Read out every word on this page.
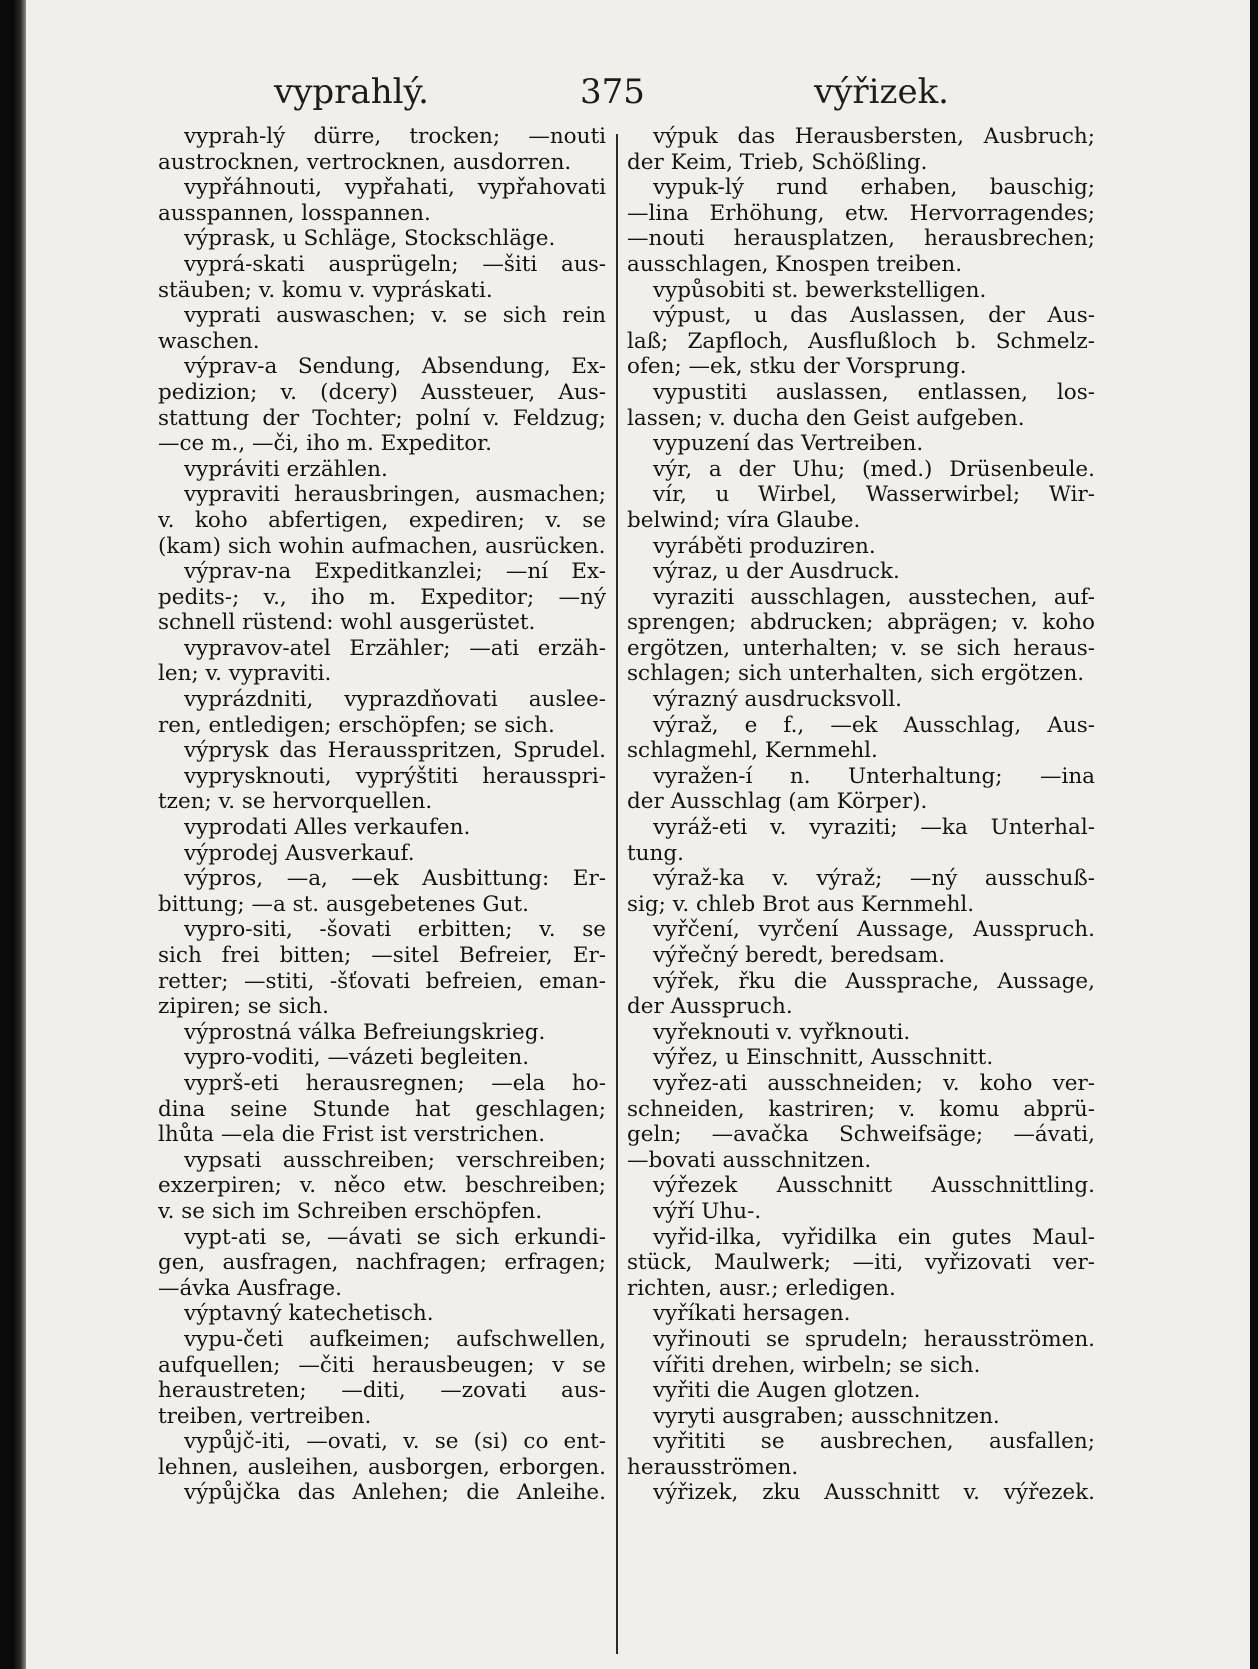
vyprahlý.	375	výřizek.
vyprah-lý dürre, trocken; —nouti
austrocknen, vertrocknen, ausdorren.
vypřáhnouti, vypřahati, vypřahovati
ausspannen, losspannen.
výprask, u Schläge, Stockschläge.
vyprá-skati ausprügeln; —šiti aus-
stäuben; v. komu v. vypráskati.
vyprati auswaschen; v. se sich rein
waschen.
výprav-a Sendung, Absendung, Ex-
pedizion; v. (dcery) Aussteuer, Aus-
stattung der Tochter; polní v. Feldzug;
—ce m., —či, iho m. Expeditor.
vypráviti erzählen.
vypraviti herausbringen, ausmachen;
v. koho abfertigen, expediren; v. se
(kam) sich wohin aufmachen, ausrücken.
výprav-na Expeditkanzlei; —ní Ex-
pedits-; v., iho m. Expeditor; —ný
schnell rüstend: wohl ausgerüstet.
vypravov-atel Erzähler; —ati erzäh-
len; v. vypraviti.
vyprázdniti, vyprazdňovati auslee-
ren, entledigen; erschöpfen; se sich.
výprysk das Herausspritzen, Sprudel.
vyprysknouti, vyprýštiti herausspri-
tzen; v. se hervorquellen.
vyprodati Alles verkaufen.
výprodej Ausverkauf.
výpros, —a, —ek Ausbittung: Er-
bittung; —a st. ausgebetenes Gut.
vypro-siti, -šovati erbitten; v. se
sich frei bitten; —sitel Befreier, Er-
retter; —stiti, -šťovati befreien, eman-
zipiren; se sich.
výprostná válka Befreiungskrieg.
vypro-voditi, —vázeti begleiten.
vyprš-eti herausregnen; —ela ho-
dina seine Stunde hat geschlagen;
lhůta —ela die Frist ist verstrichen.
vypsati ausschreiben; verschreiben;
exzerpiren; v. něco etw. beschreiben;
v. se sich im Schreiben erschöpfen.
vypt-ati se, —ávati se sich erkundi-
gen, ausfragen, nachfragen; erfragen;
—ávka Ausfrage.
výptavný katechetisch.
vypu-četi aufkeimen; aufschwellen,
aufquellen; —čiti herausbeugen; v se
heraustreten; —diti, —zovati aus-
treiben, vertreiben.
vypůjč-iti, —ovati, v. se (si) co ent-
lehnen, ausleihen, ausborgen, erborgen.
výpůjčka das Anlehen; die Anleihe.
výpuk das Herausbersten, Ausbruch;
der Keim, Trieb, Schößling.
vypuk-lý rund erhaben, bauschig;
—lina Erhöhung, etw. Hervorragendes;
—nouti herausplatzen, herausbrechen;
ausschlagen, Knospen treiben.
vypůsobiti st. bewerkstelligen.
výpust, u das Auslassen, der Aus-
laß; Zapfloch, Ausflußloch b. Schmelz-
ofen; —ek, stku der Vorsprung.
vypustiti auslassen, entlassen, los-
lassen; v. ducha den Geist aufgeben.
vypuzení das Vertreiben.
výr, a der Uhu; (med.) Drüsenbeule.
vír, u Wirbel, Wasserwirbel; Wir-
belwind; víra Glaube.
vyráběti produziren.
výraz, u der Ausdruck.
vyraziti ausschlagen, ausstechen, auf-
sprengen; abdrucken; abprägen; v. koho
ergötzen, unterhalten; v. se sich heraus-
schlagen; sich unterhalten, sich ergötzen.
výrazný ausdrucksvoll.
výraž, e f., —ek Ausschlag, Aus-
schlagmehl, Kernmehl.
vyražen-í n. Unterhaltung; —ina
der Ausschlag (am Körper).
vyráž-eti v. vyraziti; —ka Unterhal-
tung.
výraž-ka v. výraž; —ný ausschuß-
sig; v. chleb Brot aus Kernmehl.
vyřčení, vyrčení Aussage, Ausspruch.
výřečný beredt, beredsam.
výřek, řku die Aussprache, Aussage,
der Ausspruch.
vyřeknouti v. vyřknouti.
výřez, u Einschnitt, Ausschnitt.
vyřez-ati ausschneiden; v. koho ver-
schneiden, kastriren; v. komu abprü-
geln; —avačka Schweifsäge; —ávati,
—bovati ausschnitzen.
výřezek Ausschnitt Ausschnittling.
výří Uhu-.
vyřid-ilka, vyřidilka ein gutes Maul-
stück, Maulwerk; —iti, vyřizovati ver-
richten, ausr.; erledigen.
vyříkati hersagen.
vyřinouti se sprudeln; herausströmen.
vířiti drehen, wirbeln; se sich.
vyřiti die Augen glotzen.
vyryti ausgraben; ausschnitzen.
vyřititi se ausbrechen, ausfallen;
herausströmen.
výřizek, zku Ausschnitt v. výřezek.
